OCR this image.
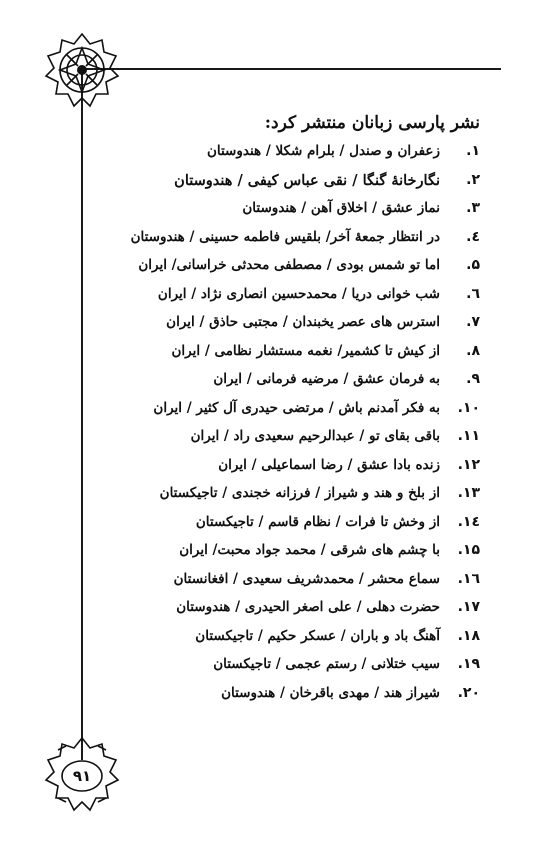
۹۱
نشر پارسی زبانان منتشر کرد:
۱.
زعفران و صندل / بلرام شکلا / هندوستان
۲.
نگارخانۀ گنگا / نقی عباس کیفی / هندوستان
۳.
نماز عشق / اخلاق آهن / هندوستان
٤.
در انتظار جمعۀ آخر/ بلقیس فاطمه حسینی / هندوستان
۵.
اما تو شمس بودی / مصطفی محدثی خراسانی/ ایران
٦.
شب خوانی دریا / محمدحسین انصاری نژاد / ایران
۷.
استرس های عصر یخبندان / مجتبی حاذق / ایران
۸.
از کیش تا کشمیر/ نغمه مستشار نظامی / ایران
۹.
به فرمان عشق / مرضیه فرمانی / ایران
۱۰.
به فکر آمدنم باش / مرتضی حیدری آل کثیر / ایران
۱۱.
باقی بقای تو / عبدالرحیم سعیدی راد / ایران
۱۲.
زنده بادا عشق / رضا اسماعیلی / ایران
۱۳.
از بلخ و هند و شیراز / فرزانه خجندی / تاجیکستان
١٤.
از وخش تا فرات / نظام قاسم / تاجیکستان
۱۵.
با چشم های شرقی / محمد جواد محبت/ ایران
۱٦.
سماع محشر / محمدشریف سعیدی / افغانستان
۱۷.
حضرت دهلی / علی اصغر الحیدری / هندوستان
۱۸.
آهنگ باد و باران / عسکر حکیم / تاجیکستان
۱۹.
سیب ختلانی / رستم عجمی / تاجیکستان
۲۰.
شیراز هند / مهدی باقرخان / هندوستان
